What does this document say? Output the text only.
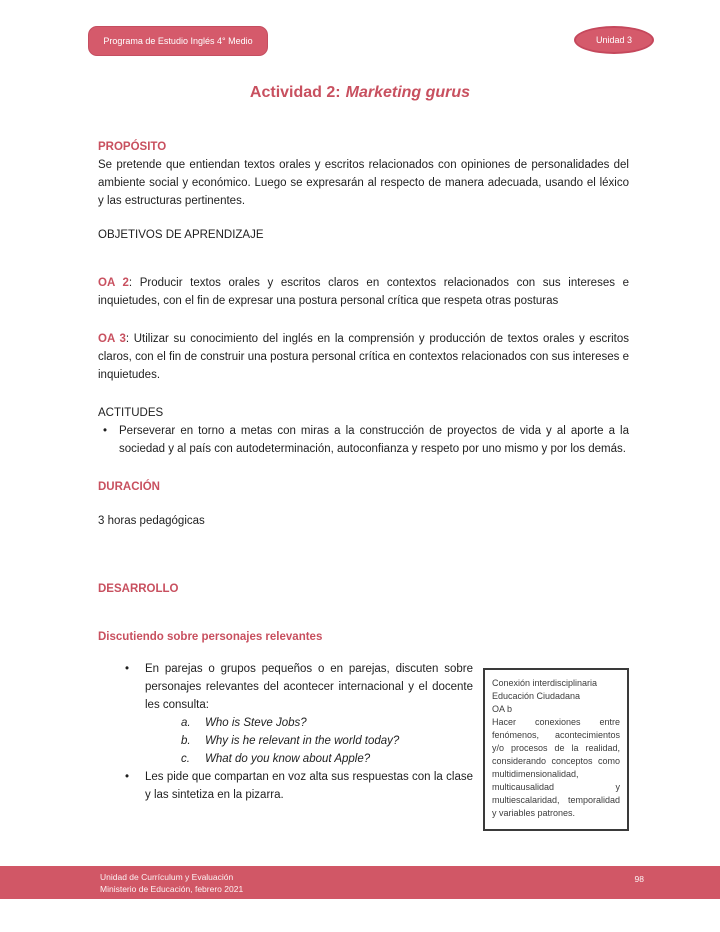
Programa de Estudio Inglés 4° Medio	Unidad 3
Actividad 2: Marketing gurus
PROPÓSITO
Se pretende que entiendan textos orales y escritos relacionados con opiniones de personalidades del ambiente social y económico. Luego se expresarán al respecto de manera adecuada, usando el léxico y las estructuras pertinentes.
OBJETIVOS DE APRENDIZAJE
OA 2: Producir textos orales y escritos claros en contextos relacionados con sus intereses e inquietudes, con el fin de expresar una postura personal crítica que respeta otras posturas
OA 3: Utilizar su conocimiento del inglés en la comprensión y producción de textos orales y escritos claros, con el fin de construir una postura personal crítica en contextos relacionados con sus intereses e inquietudes.
ACTITUDES
•	Perseverar en torno a metas con miras a la construcción de proyectos de vida y al aporte a la sociedad y al país con autodeterminación, autoconfianza y respeto por uno mismo y por los demás.
DURACIÓN
3 horas pedagógicas
DESARROLLO
Discutiendo sobre personajes relevantes
•	En parejas o grupos pequeños o en parejas, discuten sobre personajes relevantes del acontecer internacional y el docente les consulta:
a.	Who is Steve Jobs?
b.	Why is he relevant in the world today?
c.	What do you know about Apple?
•	Les pide que compartan en voz alta sus respuestas con la clase y las sintetiza en la pizarra.
Conexión interdisciplinaria
Educación Ciudadana
OA b
Hacer conexiones entre fenómenos, acontecimientos y/o procesos de la realidad, considerando conceptos como multidimensionalidad, multicausalidad y multiescalaridad, temporalidad y variables patrones.
Unidad de Currículum y Evaluación
Ministerio de Educación, febrero 2021
98
